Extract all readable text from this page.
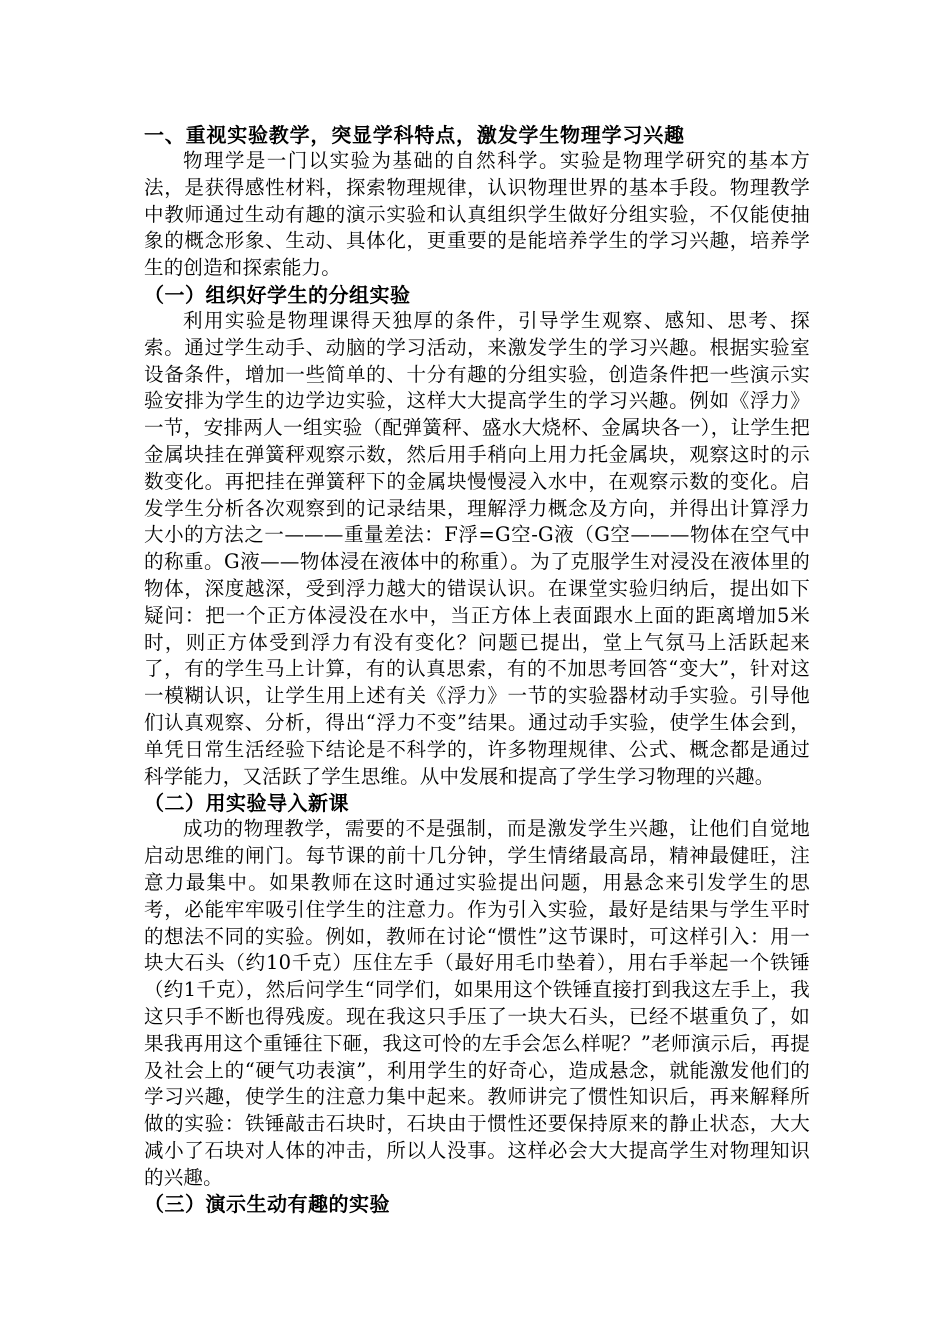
一、重视实验教学，突显学科特点，激发学生物理学习兴趣

物理学是一门以实验为基础的自然科学。实验是物理学研究的基本方法，是获得感性材料，探索物理规律，认识物理世界的基本手段。物理教学中教师通过生动有趣的演示实验和认真组织学生做好分组实验，不仅能使抽象的概念形象、生动、具体化，更重要的是能培养学生的学习兴趣，培养学生的创造和探索能力。

（一）组织好学生的分组实验

利用实验是物理课得天独厚的条件，引导学生观察、感知、思考、探索。通过学生动手、动脑的学习活动，来激发学生的学习兴趣。根据实验室设备条件，增加一些简单的、十分有趣的分组实验，创造条件把一些演示实验安排为学生的边学边实验，这样大大提高学生的学习兴趣。例如《浮力》一节，安排两人一组实验（配弹簧秤、盛水大烧杯、金属块各一），让学生把金属块挂在弹簧秤观察示数，然后用手稍向上用力托金属块，观察这时的示数变化。再把挂在弹簧秤下的金属块慢慢浸入水中，在观察示数的变化。启发学生分析各次观察到的记录结果，理解浮力概念及方向，并得出计算浮力大小的方法之一———重量差法：F浮=G空-G液（G空———物体在空气中的称重。G液——物体浸在液体中的称重）。为了克服学生对浸没在液体里的物体，深度越深，受到浮力越大的错误认识。在课堂实验归纳后，提出如下疑问：把一个正方体浸没在水中，当正方体上表面跟水上面的距离增加5米时，则正方体受到浮力有没有变化？问题已提出，堂上气氛马上活跃起来了，有的学生马上计算，有的认真思索，有的不加思考回答“变大”，针对这一模糊认识，让学生用上述有关《浮力》一节的实验器材动手实验。引导他们认真观察、分析，得出“浮力不变”结果。通过动手实验，使学生体会到，单凭日常生活经验下结论是不科学的，许多物理规律、公式、概念都是通过科学能力，又活跃了学生思维。从中发展和提高了学生学习物理的兴趣。

（二）用实验导入新课

成功的物理教学，需要的不是强制，而是激发学生兴趣，让他们自觉地启动思维的闸门。每节课的前十几分钟，学生情绪最高昂，精神最健旺，注意力最集中。如果教师在这时通过实验提出问题，用悬念来引发学生的思考，必能牢牢吸引住学生的注意力。作为引入实验，最好是结果与学生平时的想法不同的实验。例如，教师在讨论“惯性”这节课时，可这样引入：用一块大石头（约10千克）压住左手（最好用毛巾垫着），用右手举起一个铁锤（约1千克），然后问学生“同学们，如果用这个铁锤直接打到我这左手上，我这只手不断也得残废。现在我这只手压了一块大石头，已经不堪重负了，如果我再用这个重锤往下砸，我这可怜的左手会怎么样呢？”老师演示后，再提及社会上的“硬气功表演”，利用学生的好奇心，造成悬念，就能激发他们的学习兴趣，使学生的注意力集中起来。教师讲完了惯性知识后，再来解释所做的实验：铁锤敲击石块时，石块由于惯性还要保持原来的静止状态，大大减小了石块对人体的冲击，所以人没事。这样必会大大提高学生对物理知识的兴趣。

（三）演示生动有趣的实验
